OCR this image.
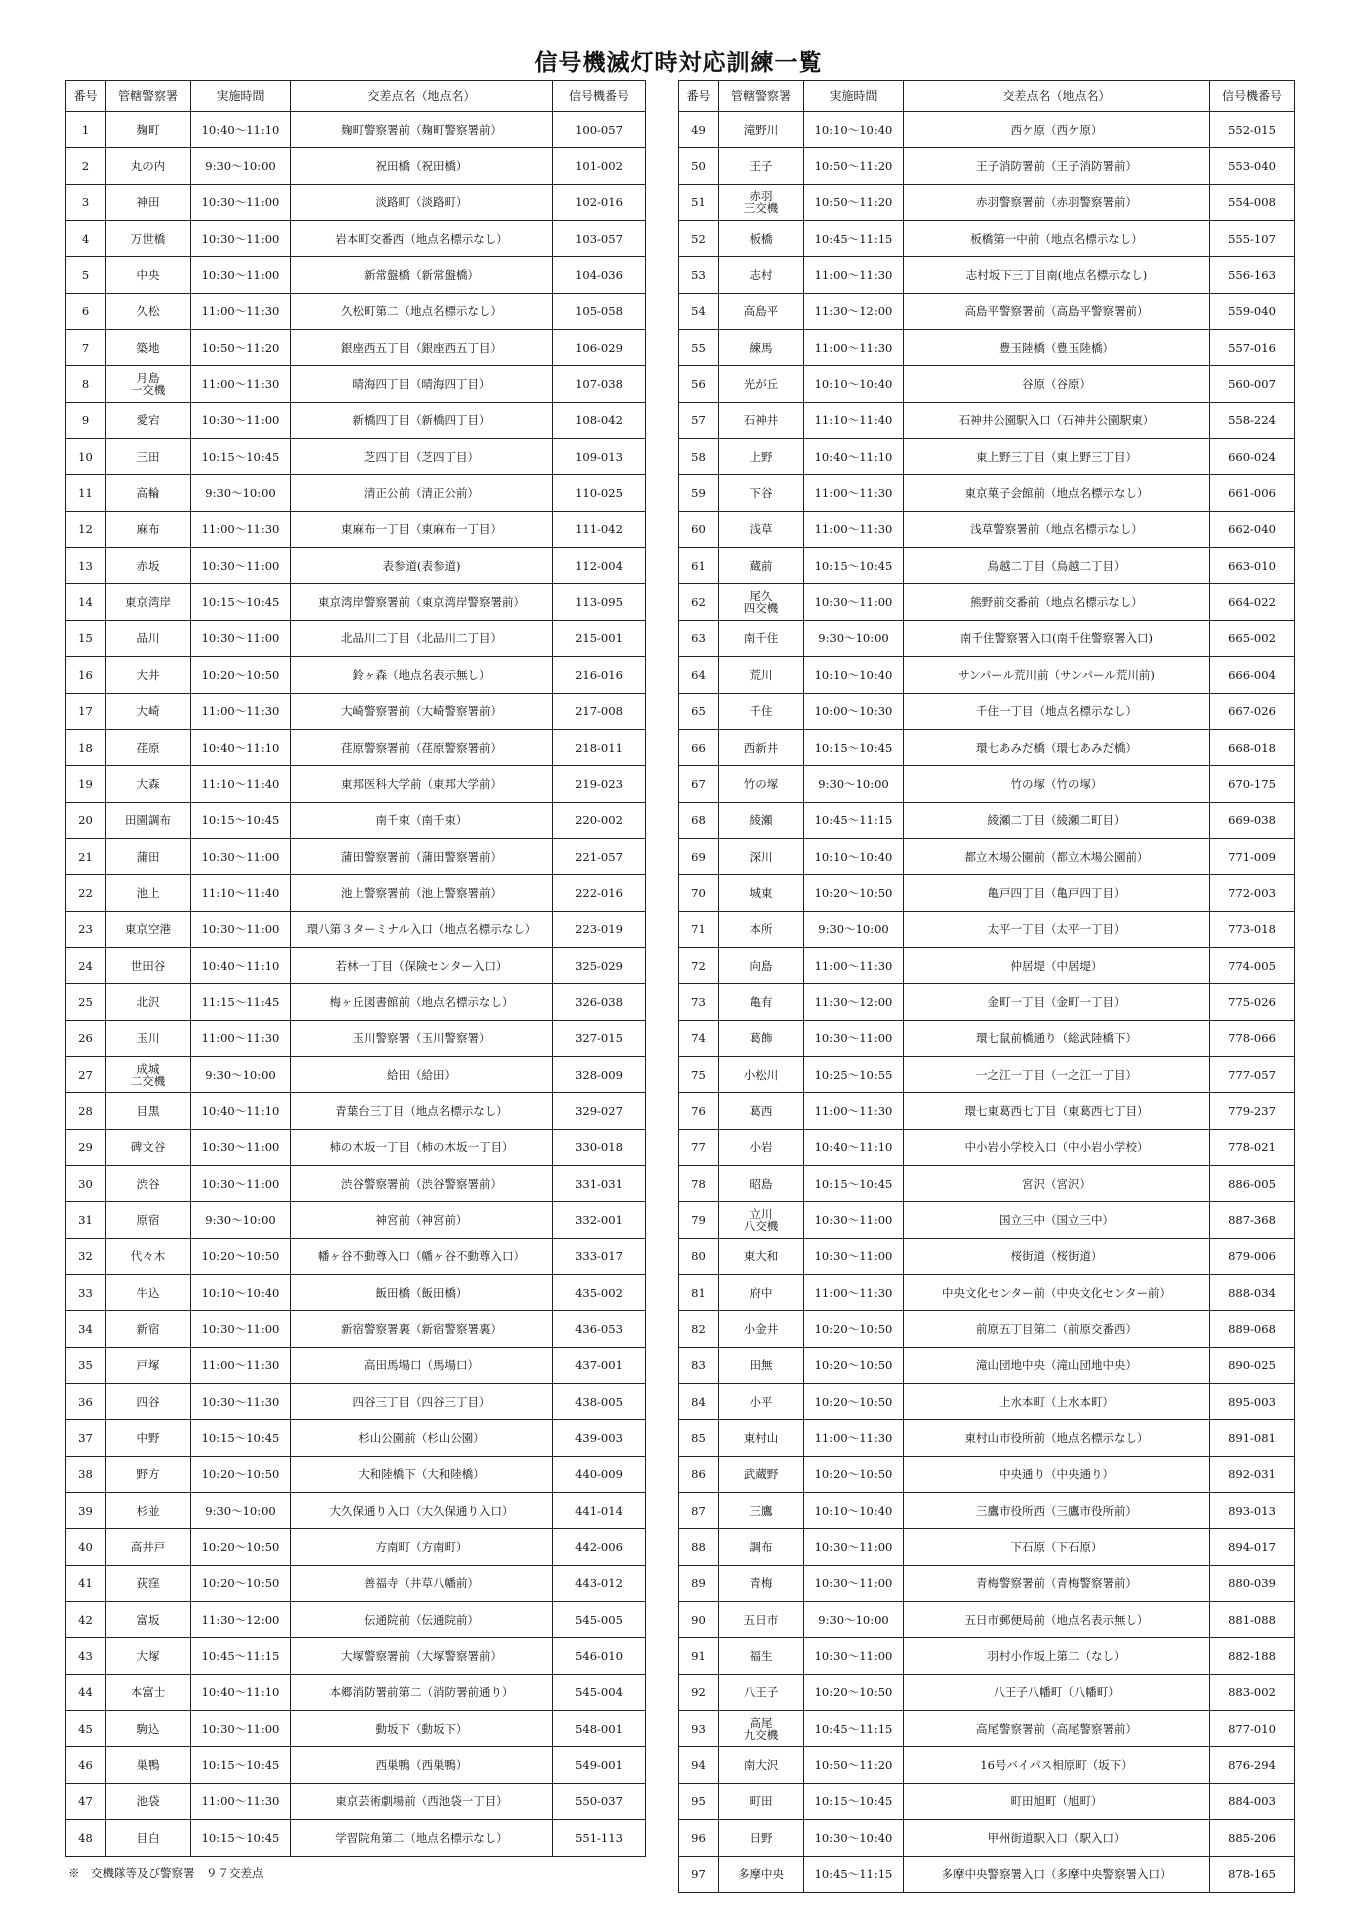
信号機滅灯時対応訓練一覧
番号	管轄警察署	実施時間	交差点名（地点名）	信号機番号
1	麹町	10:40～11:10	麹町警察署前（麹町警察署前）	100-057
2	丸の内	9:30～10:00	祝田橋（祝田橋）	101-002
3	神田	10:30～11:00	淡路町（淡路町）	102-016
4	万世橋	10:30～11:00	岩本町交番西（地点名標示なし）	103-057
5	中央	10:30～11:00	新常盤橋（新常盤橋）	104-036
6	久松	11:00～11:30	久松町第二（地点名標示なし）	105-058
7	築地	10:50～11:20	銀座西五丁目（銀座西五丁目）	106-029
8	月島
一交機	11:00～11:30	晴海四丁目（晴海四丁目）	107-038
9	愛宕	10:30～11:00	新橋四丁目（新橋四丁目）	108-042
10	三田	10:15～10:45	芝四丁目（芝四丁目）	109-013
11	高輪	9:30～10:00	清正公前（清正公前）	110-025
12	麻布	11:00～11:30	東麻布一丁目（東麻布一丁目）	111-042
13	赤坂	10:30～11:00	表参道(表参道)	112-004
14	東京湾岸	10:15～10:45	東京湾岸警察署前（東京湾岸警察署前）	113-095
15	品川	10:30～11:00	北品川二丁目（北品川二丁目）	215-001
16	大井	10:20～10:50	鈴ヶ森（地点名表示無し）	216-016
17	大崎	11:00～11:30	大崎警察署前（大崎警察署前）	217-008
18	荏原	10:40～11:10	荏原警察署前（荏原警察署前）	218-011
19	大森	11:10～11:40	東邦医科大学前（東邦大学前）	219-023
20	田園調布	10:15～10:45	南千束（南千束）	220-002
21	蒲田	10:30～11:00	蒲田警察署前（蒲田警察署前）	221-057
22	池上	11:10～11:40	池上警察署前（池上警察署前）	222-016
23	東京空港	10:30～11:00	環八第３ターミナル入口（地点名標示なし）	223-019
24	世田谷	10:40～11:10	若林一丁目（保険センター入口）	325-029
25	北沢	11:15～11:45	梅ヶ丘図書館前（地点名標示なし）	326-038
26	玉川	11:00～11:30	玉川警察署（玉川警察署）	327-015
27	成城
二交機	9:30～10:00	給田（給田）	328-009
28	目黒	10:40～11:10	青葉台三丁目（地点名標示なし）	329-027
29	碑文谷	10:30～11:00	柿の木坂一丁目（柿の木坂一丁目）	330-018
30	渋谷	10:30～11:00	渋谷警察署前（渋谷警察署前）	331-031
31	原宿	9:30～10:00	神宮前（神宮前）	332-001
32	代々木	10:20～10:50	幡ヶ谷不動尊入口（幡ヶ谷不動尊入口）	333-017
33	牛込	10:10～10:40	飯田橋（飯田橋）	435-002
34	新宿	10:30～11:00	新宿警察署裏（新宿警察署裏）	436-053
35	戸塚	11:00～11:30	高田馬場口（馬場口）	437-001
36	四谷	10:30～11:30	四谷三丁目（四谷三丁目）	438-005
37	中野	10:15～10:45	杉山公園前（杉山公園）	439-003
38	野方	10:20～10:50	大和陸橋下（大和陸橋）	440-009
39	杉並	9:30～10:00	大久保通り入口（大久保通り入口）	441-014
40	高井戸	10:20～10:50	方南町（方南町）	442-006
41	荻窪	10:20～10:50	善福寺（井草八幡前）	443-012
42	富坂	11:30～12:00	伝通院前（伝通院前）	545-005
43	大塚	10:45～11:15	大塚警察署前（大塚警察署前）	546-010
44	本富士	10:40～11:10	本郷消防署前第二（消防署前通り）	545-004
45	駒込	10:30～11:00	動坂下（動坂下）	548-001
46	巣鴨	10:15～10:45	西巣鴨（西巣鴨）	549-001
47	池袋	11:00～11:30	東京芸術劇場前（西池袋一丁目）	550-037
48	目白	10:15～10:45	学習院角第二（地点名標示なし）	551-113
番号	管轄警察署	実施時間	交差点名（地点名）	信号機番号
49	滝野川	10:10～10:40	西ケ原（西ケ原）	552-015
50	王子	10:50～11:20	王子消防署前（王子消防署前）	553-040
51	赤羽
三交機	10:50～11:20	赤羽警察署前（赤羽警察署前）	554-008
52	板橋	10:45～11:15	板橋第一中前（地点名標示なし）	555-107
53	志村	11:00～11:30	志村坂下三丁目南(地点名標示なし)	556-163
54	高島平	11:30～12:00	高島平警察署前（高島平警察署前）	559-040
55	練馬	11:00～11:30	豊玉陸橋（豊玉陸橋）	557-016
56	光が丘	10:10～10:40	谷原（谷原）	560-007
57	石神井	11:10～11:40	石神井公園駅入口（石神井公園駅東）	558-224
58	上野	10:40～11:10	東上野三丁目（東上野三丁目）	660-024
59	下谷	11:00～11:30	東京菓子会館前（地点名標示なし）	661-006
60	浅草	11:00～11:30	浅草警察署前（地点名標示なし）	662-040
61	蔵前	10:15～10:45	鳥越二丁目（鳥越二丁目）	663-010
62	尾久
四交機	10:30～11:00	熊野前交番前（地点名標示なし）	664-022
63	南千住	9:30～10:00	南千住警察署入口(南千住警察署入口)	665-002
64	荒川	10:10～10:40	サンパール荒川前（サンパール荒川前)	666-004
65	千住	10:00～10:30	千住一丁目（地点名標示なし）	667-026
66	西新井	10:15～10:45	環七あみだ橋（環七あみだ橋）	668-018
67	竹の塚	9:30～10:00	竹の塚（竹の塚）	670-175
68	綾瀬	10:45～11:15	綾瀬二丁目（綾瀬二町目）	669-038
69	深川	10:10～10:40	都立木場公園前（都立木場公園前）	771-009
70	城東	10:20～10:50	亀戸四丁目（亀戸四丁目）	772-003
71	本所	9:30～10:00	太平一丁目（太平一丁目）	773-018
72	向島	11:00～11:30	仲居堤（中居堤）	774-005
73	亀有	11:30～12:00	金町一丁目（金町一丁目）	775-026
74	葛飾	10:30～11:00	環七鼠前橋通り（総武陸橋下）	778-066
75	小松川	10:25～10:55	一之江一丁目（一之江一丁目）	777-057
76	葛西	11:00～11:30	環七東葛西七丁目（東葛西七丁目）	779-237
77	小岩	10:40～11:10	中小岩小学校入口（中小岩小学校）	778-021
78	昭島	10:15～10:45	宮沢（宮沢）	886-005
79	立川
八交機	10:30～11:00	国立三中（国立三中）	887-368
80	東大和	10:30～11:00	桜街道（桜街道）	879-006
81	府中	11:00～11:30	中央文化センター前（中央文化センター前）	888-034
82	小金井	10:20～10:50	前原五丁目第二（前原交番西）	889-068
83	田無	10:20～10:50	滝山団地中央（滝山団地中央）	890-025
84	小平	10:20～10:50	上水本町（上水本町）	895-003
85	東村山	11:00～11:30	東村山市役所前（地点名標示なし）	891-081
86	武蔵野	10:20～10:50	中央通り（中央通り）	892-031
87	三鷹	10:10～10:40	三鷹市役所西（三鷹市役所前）	893-013
88	調布	10:30～11:00	下石原（下石原）	894-017
89	青梅	10:30～11:00	青梅警察署前（青梅警察署前）	880-039
90	五日市	9:30～10:00	五日市郵便局前（地点名表示無し）	881-088
91	福生	10:30～11:00	羽村小作坂上第二（なし）	882-188
92	八王子	10:20～10:50	八王子八幡町（八幡町）	883-002
93	高尾
九交機	10:45～11:15	高尾警察署前（高尾警察署前）	877-010
94	南大沢	10:50～11:20	16号バイパス相原町（坂下）	876-294
95	町田	10:15～10:45	町田旭町（旭町）	884-003
96	日野	10:30～10:40	甲州街道駅入口（駅入口）	885-206
97	多摩中央	10:45～11:15	多摩中央警察署入口（多摩中央警察署入口）	878-165

※　交機隊等及び警察署　９７交差点
